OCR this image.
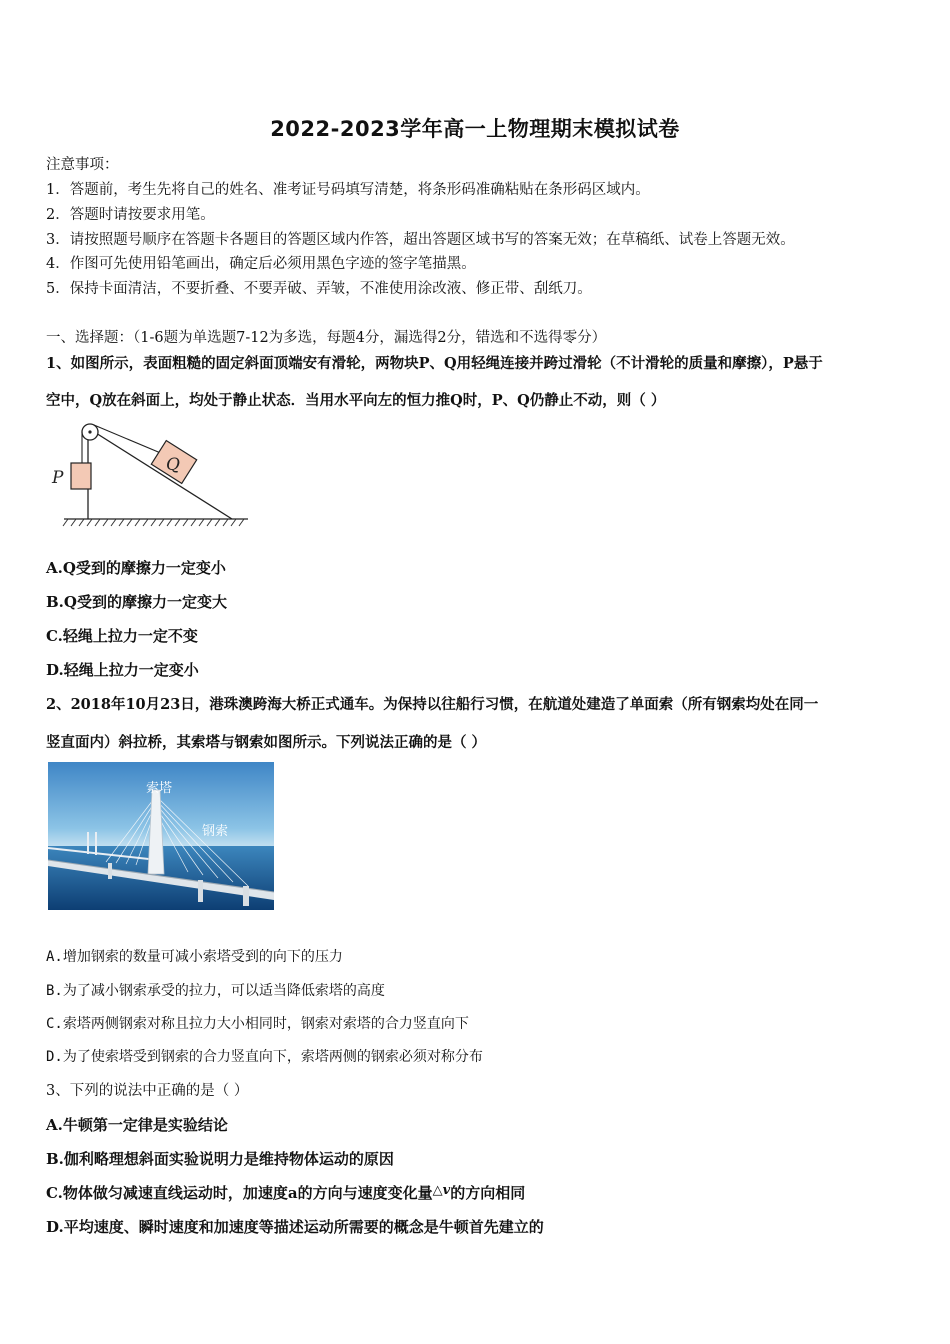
2022-2023学年高一上物理期末模拟试卷
注意事项：
1．答题前，考生先将自己的姓名、准考证号码填写清楚，将条形码准确粘贴在条形码区域内。
2．答题时请按要求用笔。
3．请按照题号顺序在答题卡各题目的答题区域内作答，超出答题区域书写的答案无效；在草稿纸、试卷上答题无效。
4．作图可先使用铅笔画出，确定后必须用黑色字迹的签字笔描黑。
5．保持卡面清洁，不要折叠、不要弄破、弄皱，不准使用涂改液、修正带、刮纸刀。
一、选择题：（1-6题为单选题7-12为多选，每题4分，漏选得2分，错选和不选得零分）
1、如图所示，表面粗糙的固定斜面顶端安有滑轮，两物块P、Q用轻绳连接并跨过滑轮（不计滑轮的质量和摩擦），P悬于
空中，Q放在斜面上，均处于静止状态．当用水平向左的恒力推Q时，P、Q仍静止不动，则（ ）
P
Q
A.Q受到的摩擦力一定变小
B.Q受到的摩擦力一定变大
C.轻绳上拉力一定不变
D.轻绳上拉力一定变小
2、2018年10月23日，港珠澳跨海大桥正式通车。为保持以往船行习惯，在航道处建造了单面索（所有钢索均处在同一
竖直面内）斜拉桥，其索塔与钢索如图所示。下列说法正确的是（ ）
索塔
钢索
A.增加钢索的数量可减小索塔受到的向下的压力
B.为了减小钢索承受的拉力，可以适当降低索塔的高度
C.索塔两侧钢索对称且拉力大小相同时，钢索对索塔的合力竖直向下
D.为了使索塔受到钢索的合力竖直向下，索塔两侧的钢索必须对称分布
3、下列的说法中正确的是（ ）
A.牛顿第一定律是实验结论
B.伽利略理想斜面实验说明力是维持物体运动的原因
C.物体做匀减速直线运动时，加速度a的方向与速度变化量△v的方向相同
D.平均速度、瞬时速度和加速度等描述运动所需要的概念是牛顿首先建立的
